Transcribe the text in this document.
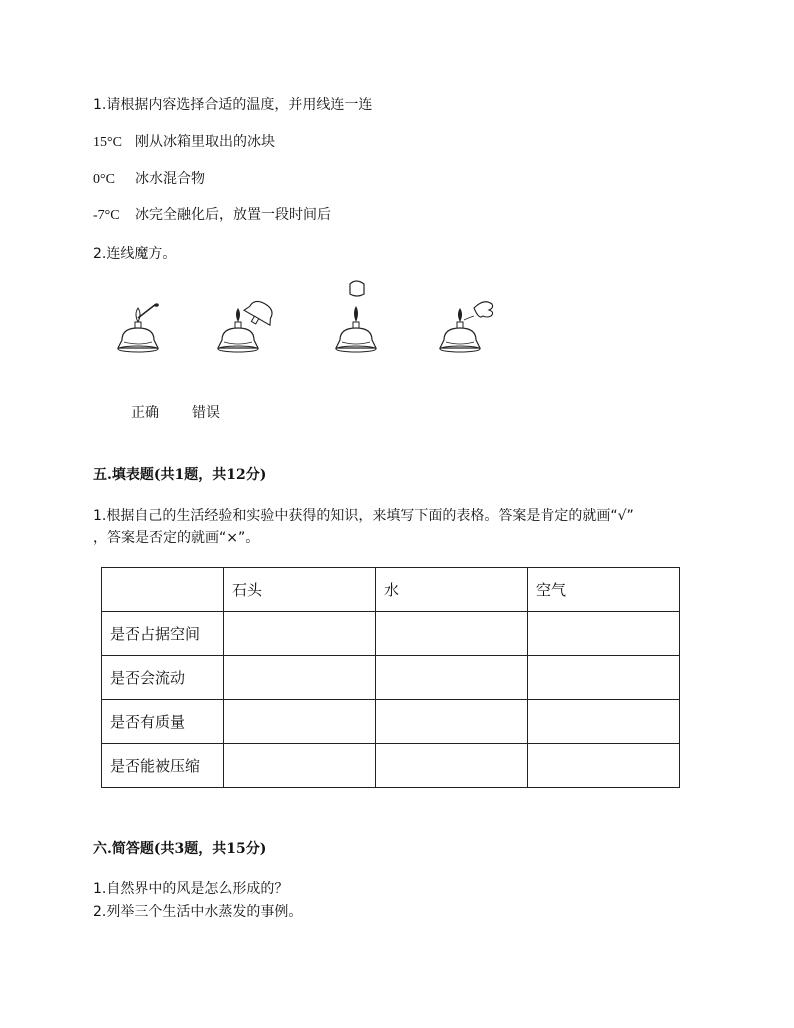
1.请根据内容选择合适的温度，并用线连一连
15°C 刚从冰箱里取出的冰块
0°C 冰水混合物
-7°C 冰完全融化后，放置一段时间后
2.连线魔方。
正确 错误
五.填表题(共1题，共12分)
1.根据自己的生活经验和实验中获得的知识，来填写下面的表格。答案是肯定的就画“√”
，答案是否定的就画“×”。
	石头	水	空气
是否占据空间			
是否会流动			
是否有质量			
是否能被压缩			
六.简答题(共3题，共15分)
1.自然界中的风是怎么形成的？
2.列举三个生活中水蒸发的事例。
